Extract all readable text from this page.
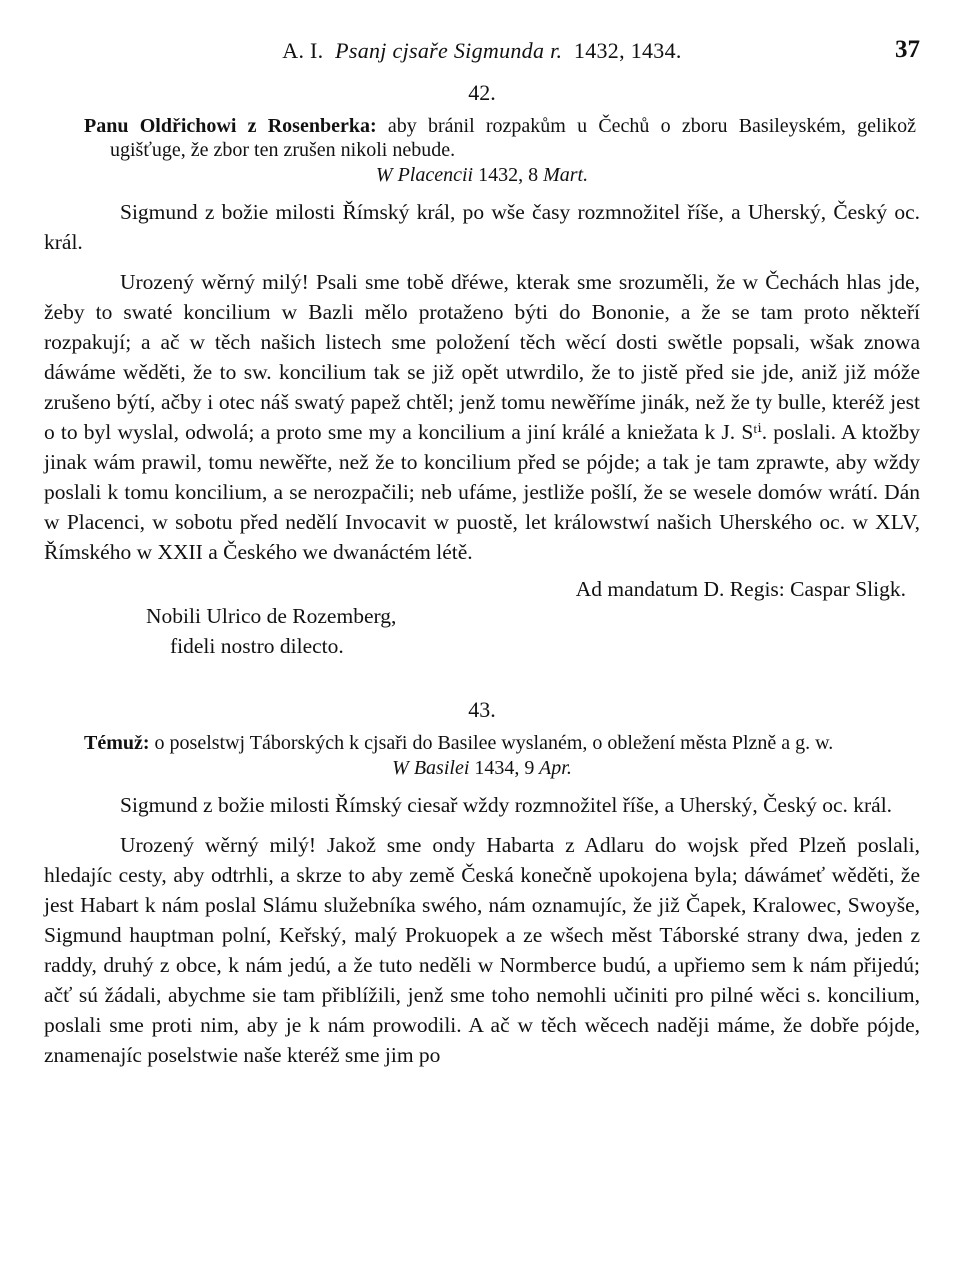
A. I. Psanj cjsaře Sigmunda r. 1432, 1434.	37
42.
Panu Oldřichowi z Rosenberka: aby bránil rozpakům u Čechů o zboru Basileyském, gelikož ugišťuge, že zbor ten zrušen nikoli nebude.
W Placencii 1432, 8 Mart.

Sigmund z božie milosti Římský král, po wše časy rozmnožitel říše, a Uherský, Český oc. král.

Urozený wěrný milý! Psali sme tobě dřéwe, kterak sme srozuměli, že w Čechách hlas jde, žeby to swaté koncilium w Bazli mělo protaženo býti do Bononie, a že se tam proto někteří rozpakují; a ač w těch našich listech sme položení těch wěcí dosti swětle popsali, wšak znowa dáwáme wěděti, že to sw. koncilium tak se již opět utwrdilo, že to jistě před sie jde, aniž již móže zrušeno býtí, ačby i otec náš swatý papež chtěl; jenž tomu newěříme jinák, než že ty bulle, kteréž jest o to byl wyslal, odwolá; a proto sme my a koncilium a jiní králé a kniežata k J. Sᵗⁱ. poslali. A ktožby jinak wám prawil, tomu newěřte, než že to koncilium před se pójde; a tak je tam zprawte, aby wždy poslali k tomu koncilium, a se nerozpačili; neb ufáme, jestliže pošlí, že se wesele domów wrátí. Dán w Placenci, w sobotu před nedělí Invocavit w puostě, let králowstwí našich Uherského oc. w XLV, Římského w XXII a Českého we dwanáctém létě.

Ad mandatum D. Regis: Caspar Sligk.
Nobili Ulrico de Rozemberg,
fideli nostro dilecto.
43.
Témuž: o poselstwj Táborských k cjsaři do Basilee wyslaném, o obležení města Plzně a g. w.
W Basilei 1434, 9 Apr.

Sigmund z božie milosti Římský ciesař wždy rozmnožitel říše, a Uherský, Český oc. král.

Urozený wěrný milý! Jakož sme ondy Habarta z Adlaru do wojsk před Plzeň poslali, hledajíc cesty, aby odtrhli, a skrze to aby země Česká konečně upokojena byla; dáwámeť wěděti, že jest Habart k nám poslal Slámu služebníka swého, nám oznamujíc, že již Čapek, Kralowec, Swoyše, Sigmund hauptman polní, Keřský, malý Prokuopek a ze wšech měst Táborské strany dwa, jeden z raddy, druhý z obce, k nám jedú, a že tuto neděli w Normberce budú, a upřiemo sem k nám přijedú; ačť sú žádali, abychme sie tam přiblížili, jenž sme toho nemohli učiniti pro pilné wěci s. koncilium, poslali sme proti nim, aby je k nám prowodili. A ač w těch wěcech naději máme, že dobře pójde, znamenajíc poselstwie naše kteréž sme jim po
